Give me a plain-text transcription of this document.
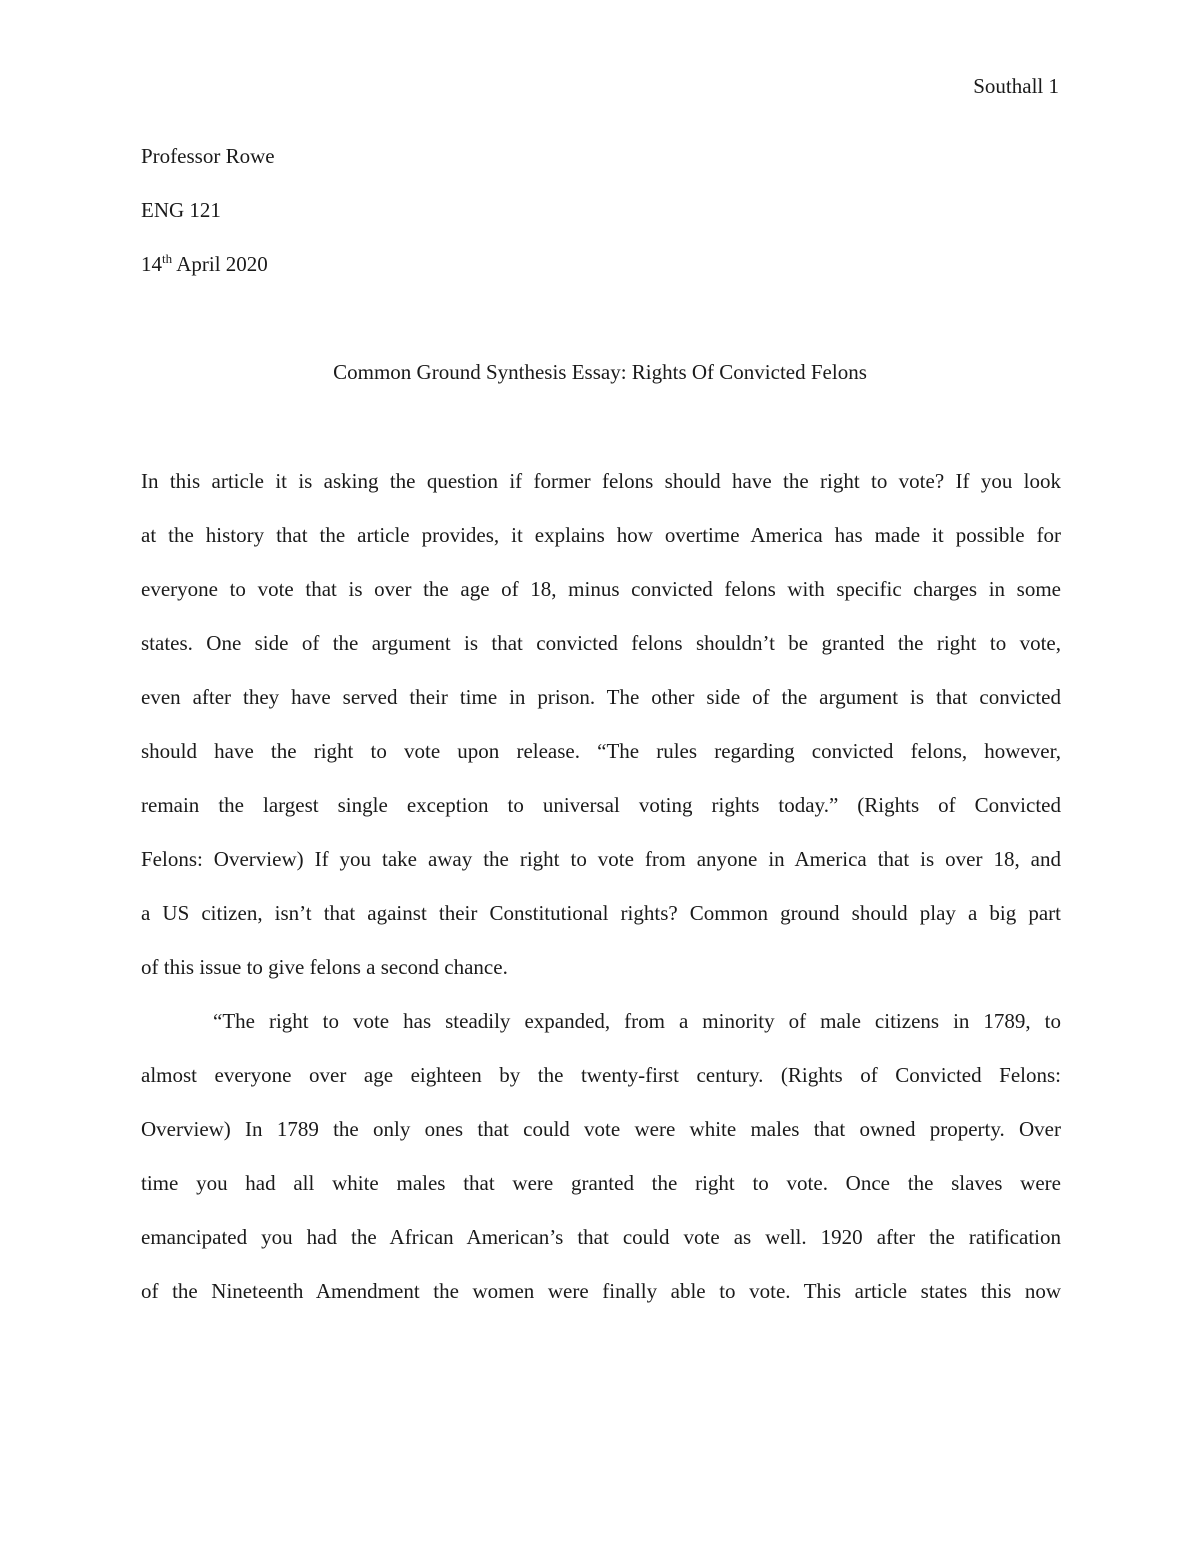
Southall 1
Professor Rowe
ENG 121
14th April 2020
Common Ground Synthesis Essay: Rights Of Convicted Felons
In this article it is asking the question if former felons should have the right to vote? If you look
at the history that the article provides, it explains how overtime America has made it possible for
everyone to vote that is over the age of 18, minus convicted felons with specific charges in some
states. One side of the argument is that convicted felons shouldn’t be granted the right to vote,
even after they have served their time in prison. The other side of the argument is that convicted
should have the right to vote upon release. “The rules regarding convicted felons, however,
remain the largest single exception to universal voting rights today.” (Rights of Convicted
Felons: Overview) If you take away the right to vote from anyone in America that is over 18, and
a US citizen, isn’t that against their Constitutional rights? Common ground should play a big part
of this issue to give felons a second chance.
“The right to vote has steadily expanded, from a minority of male citizens in 1789, to
almost everyone over age eighteen by the twenty-first century. (Rights of Convicted Felons:
Overview) In 1789 the only ones that could vote were white males that owned property. Over
time you had all white males that were granted the right to vote. Once the slaves were
emancipated you had the African American’s that could vote as well. 1920 after the ratification
of the Nineteenth Amendment the women were finally able to vote. This article states this now
